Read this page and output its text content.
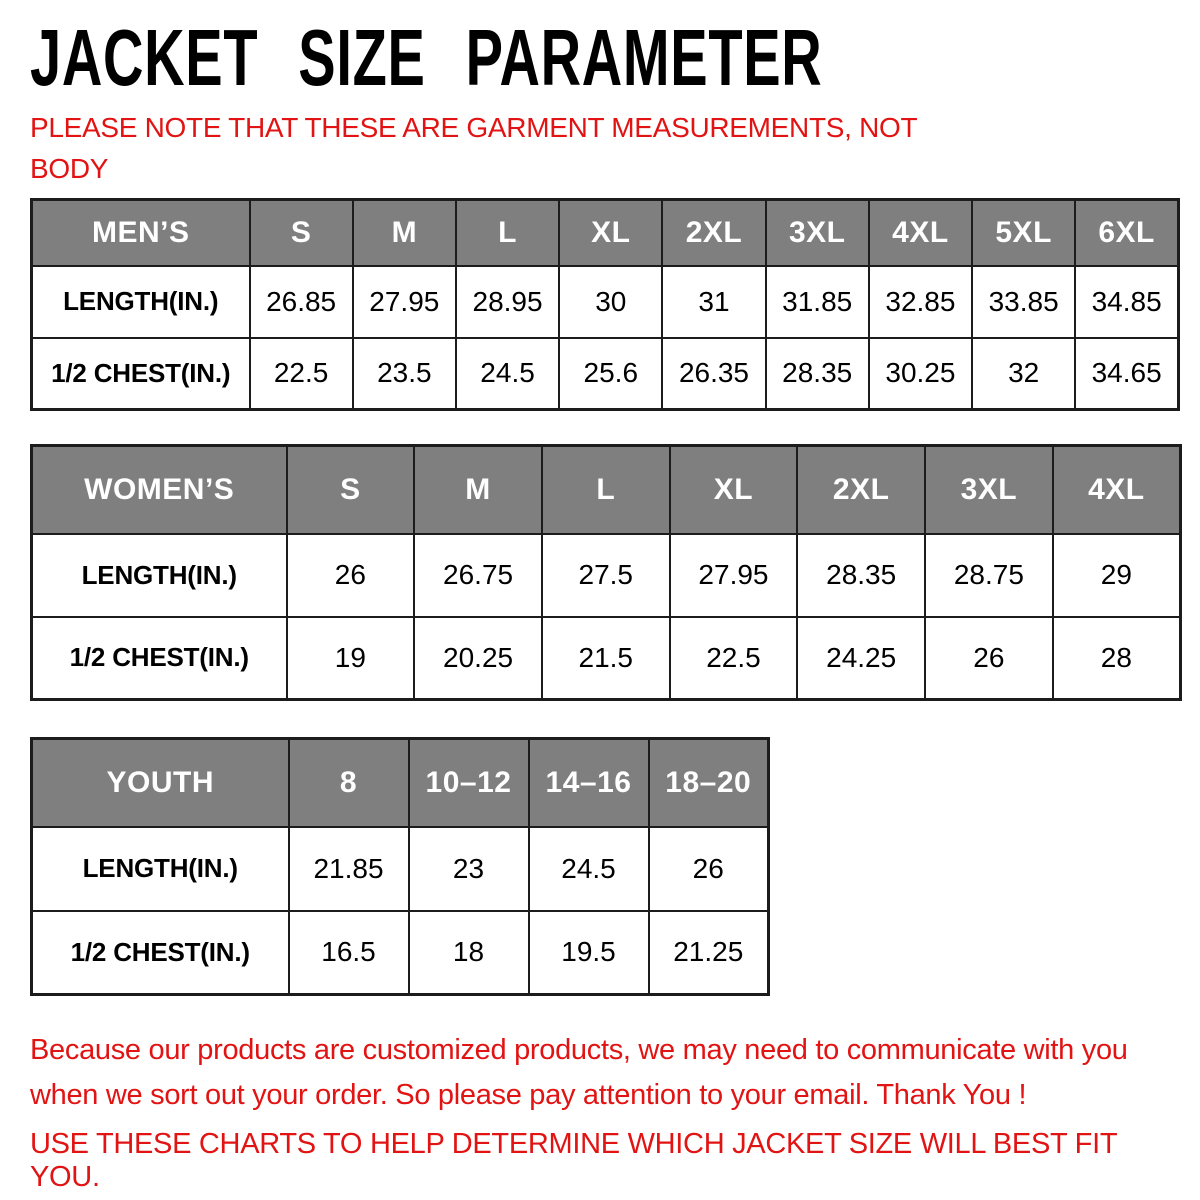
JACKET SIZE PARAMETER
PLEASE NOTE THAT THESE ARE GARMENT MEASUREMENTS, NOT BODY
MEN’S	S	M	L	XL	2XL	3XL	4XL	5XL	6XL
LENGTH(IN.)	26.85	27.95	28.95	30	31	31.85	32.85	33.85	34.85
1/2 CHEST(IN.)	22.5	23.5	24.5	25.6	26.35	28.35	30.25	32	34.65
WOMEN’S	S	M	L	XL	2XL	3XL	4XL
LENGTH(IN.)	26	26.75	27.5	27.95	28.35	28.75	29
1/2 CHEST(IN.)	19	20.25	21.5	22.5	24.25	26	28
YOUTH	8	10–12	14–16	18–20
LENGTH(IN.)	21.85	23	24.5	26
1/2 CHEST(IN.)	16.5	18	19.5	21.25
Because our products are customized products, we may need to communicate with you
when we sort out your order. So please pay attention to your email. Thank You !
USE THESE CHARTS TO HELP DETERMINE WHICH JACKET SIZE WILL BEST FIT YOU.
